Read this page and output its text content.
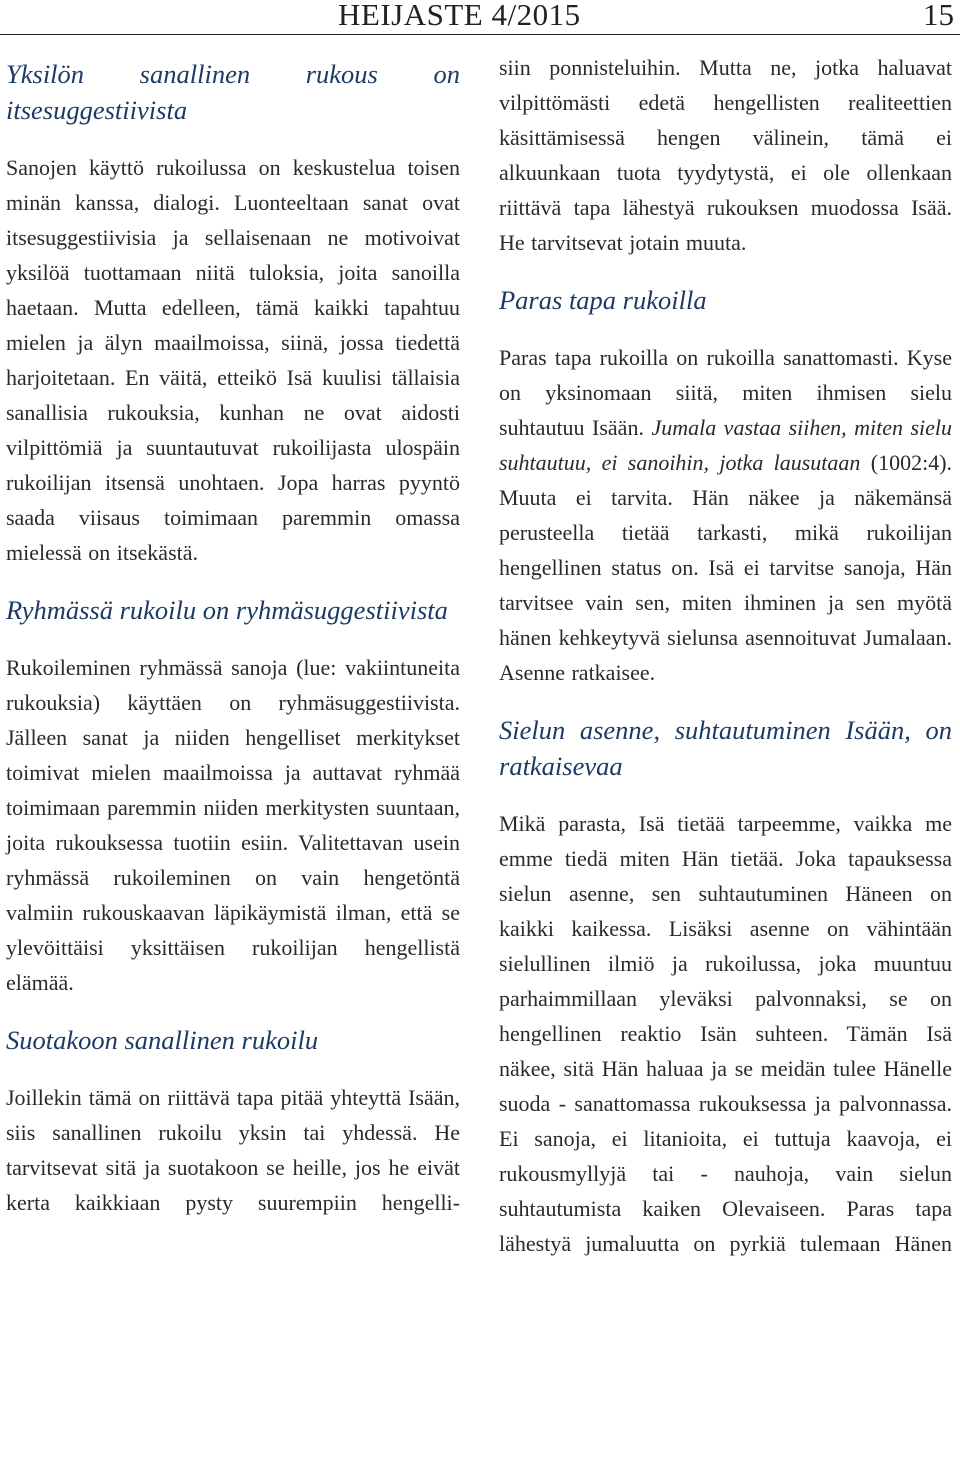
HEIJASTE 4/2015	15

Yksilön sanallinen rukous on itsesuggestiivista

Sanojen käyttö rukoilussa on keskustelua toisen minän kanssa, dialogi. Luonteeltaan sanat ovat itsesuggestiivisia ja sellaisenaan ne motivoivat yksilöä tuottamaan niitä tuloksia, joita sanoilla haetaan. Mutta edelleen, tämä kaikki tapahtuu mielen ja älyn maailmoissa, siinä, jossa tiedettä harjoitetaan. En väitä, etteikö Isä kuulisi tällaisia sanallisia rukouksia, kunhan ne ovat aidosti vilpittömiä ja suuntautuvat rukoilijasta ulospäin rukoilijan itsensä unohtaen. Jopa harras pyyntö saada viisaus toimimaan paremmin omassa mielessä on itsekästä.

Ryhmässä rukoilu on ryhmäsuggestiivista

Rukoileminen ryhmässä sanoja (lue: vakiintuneita rukouksia) käyttäen on ryhmäsuggestiivista. Jälleen sanat ja niiden hengelliset merkitykset toimivat mielen maailmoissa ja auttavat ryhmää toimimaan paremmin niiden merkitysten suuntaan, joita rukouksessa tuotiin esiin. Valitettavan usein ryhmässä rukoileminen on vain hengetöntä valmiin rukouskaavan läpikäymistä ilman, että se ylevöittäisi yksittäisen rukoilijan hengellistä elämää.

Suotakoon sanallinen rukoilu

Joillekin tämä on riittävä tapa pitää yhteyttä Isään, siis sanallinen rukoilu yksin tai yhdessä. He tarvitsevat sitä ja suotakoon se heille, jos he eivät kerta kaikkiaan pysty suurempiin hengelli-

siin ponnisteluihin. Mutta ne, jotka haluavat vilpittömästi edetä hengellisten realiteettien käsittämisessä hengen välinein, tämä ei alkuunkaan tuota tyydytystä, ei ole ollenkaan riittävä tapa lähestyä rukouksen muodossa Isää. He tarvitsevat jotain muuta.

Paras tapa rukoilla

Paras tapa rukoilla on rukoilla sanattomasti. Kyse on yksinomaan siitä, miten ihmisen sielu suhtautuu Isään. Jumala vastaa siihen, miten sielu suhtautuu, ei sanoihin, jotka lausutaan (1002:4). Muuta ei tarvita. Hän näkee ja näkemänsä perusteella tietää tarkasti, mikä rukoilijan hengellinen status on. Isä ei tarvitse sanoja, Hän tarvitsee vain sen, miten ihminen ja sen myötä hänen kehkeytyvä sielunsa asennoituvat Jumalaan. Asenne ratkaisee.

Sielun asenne, suhtautuminen Isään, on ratkaisevaa

Mikä parasta, Isä tietää tarpeemme, vaikka me emme tiedä miten Hän tietää. Joka tapauksessa sielun asenne, sen suhtautuminen Häneen on kaikki kaikessa. Lisäksi asenne on vähintään sielullinen ilmiö ja rukoilussa, joka muuntuu parhaimmillaan yleväksi palvonnaksi, se on hengellinen reaktio Isän suhteen. Tämän Isä näkee, sitä Hän haluaa ja se meidän tulee Hänelle suoda - sanattomassa rukouksessa ja palvonnassa. Ei sanoja, ei litanioita, ei tuttuja kaavoja, ei rukousmyllyjä tai - nauhoja, vain sielun suhtautumista kaiken Olevaiseen. Paras tapa lähestyä jumaluutta on pyrkiä tulemaan Hänen
